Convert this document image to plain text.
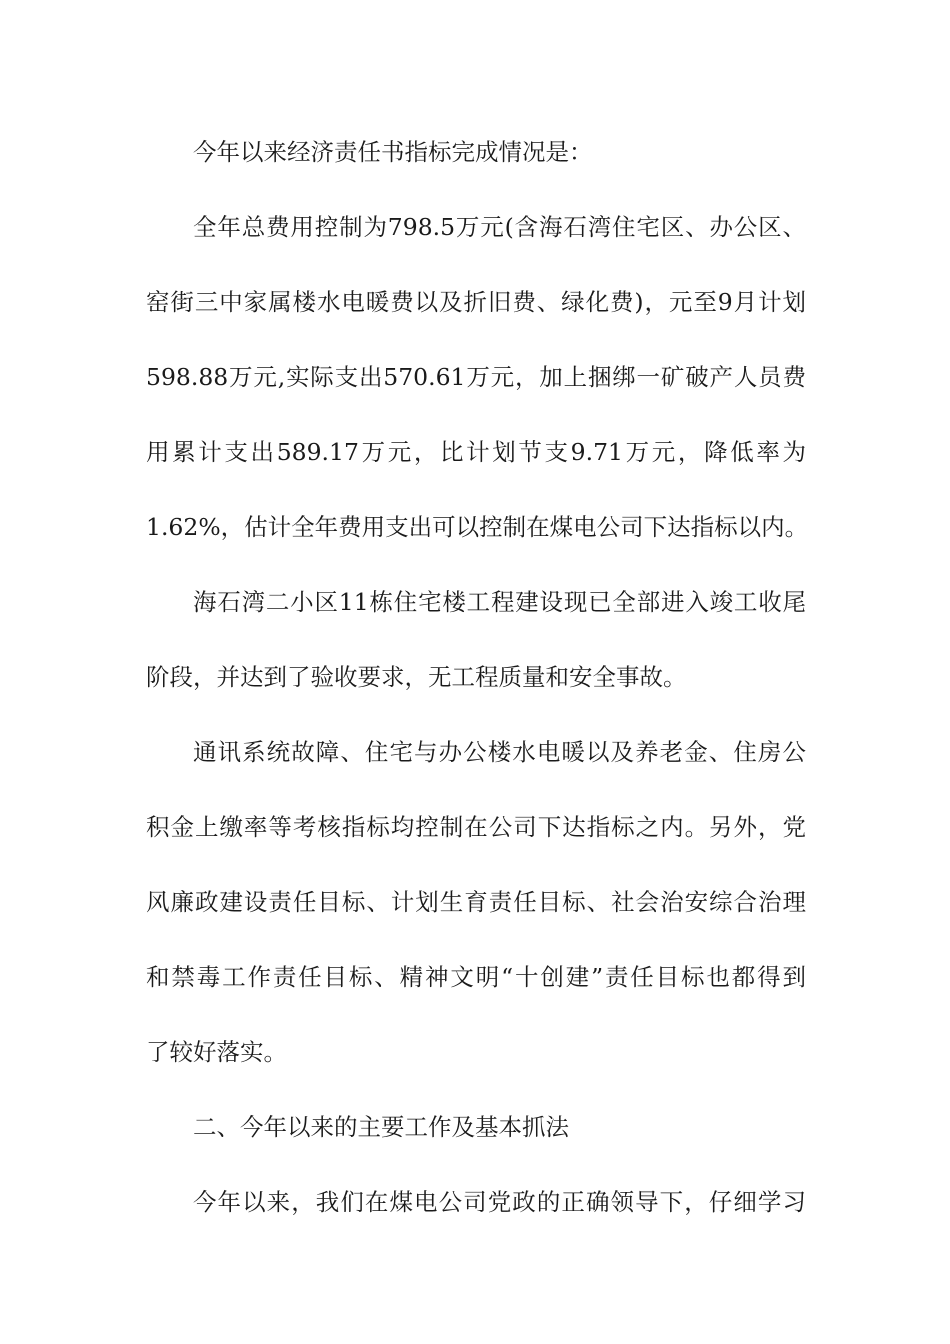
今年以来经济责任书指标完成情况是：

全年总费用控制为798.5万元(含海石湾住宅区、办公区、

窑街三中家属楼水电暖费以及折旧费、绿化费)，元至9月计划

598.88万元,实际支出570.61万元，加上捆绑一矿破产人员费

用累计支出589.17万元，比计划节支9.71万元，降低率为

1.62%，估计全年费用支出可以控制在煤电公司下达指标以内。

海石湾二小区11栋住宅楼工程建设现已全部进入竣工收尾

阶段，并达到了验收要求，无工程质量和安全事故。

通讯系统故障、住宅与办公楼水电暖以及养老金、住房公

积金上缴率等考核指标均控制在公司下达指标之内。另外，党

风廉政建设责任目标、计划生育责任目标、社会治安综合治理

和禁毒工作责任目标、精神文明“十创建”责任目标也都得到

了较好落实。

二、今年以来的主要工作及基本抓法

今年以来，我们在煤电公司党政的正确领导下，仔细学习
